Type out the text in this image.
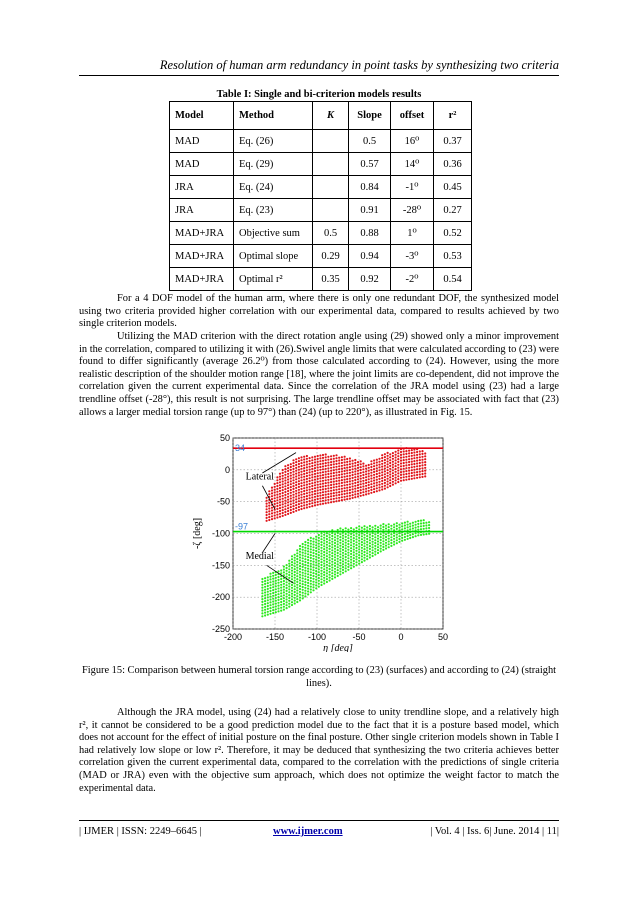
Resolution of human arm redundancy in point tasks by synthesizing two criteria
Table I: Single and bi-criterion models results
Model	Method	K	Slope	offset	r²
MAD	Eq. (26)		0.5	16⁰	0.37
MAD	Eq. (29)		0.57	14⁰	0.36
JRA	Eq. (24)		0.84	-1⁰	0.45
JRA	Eq. (23)		0.91	-28⁰	0.27
MAD+JRA	Objective sum	0.5	0.88	1⁰	0.52
MAD+JRA	Optimal slope	0.29	0.94	-3⁰	0.53
MAD+JRA	Optimal r²	0.35	0.92	-2⁰	0.54
For a 4 DOF model of the human arm, where there is only one redundant DOF, the synthesized model using two criteria provided higher correlation with our experimental data, compared to results achieved by two single criterion models.
Utilizing the MAD criterion with the direct rotation angle using (29) showed only a minor improvement in the correlation, compared to utilizing it with (26).Swivel angle limits that were calculated according to (23) were found to differ significantly (average 26.2⁰) from those calculated according to (24). However, using the more realistic description of the shoulder motion range [18], where the joint limits are co-dependent, did not improve the correlation given the current experimental data. Since the correlation of the JRA model using (23) had a large trendline offset (-28°), this result is not surprising. The large trendline offset may be associated with fact that (23) allows a larger medial torsion range (up to 97°) than (24) (up to 220°), as illustrated in Fig. 15.
-200	-150	-100	-50	0	50
50
0
-50
-100
-150
-200
-250
34
-97
Lateral
Medial
η [deg]
-ζ [deg]
Figure 15: Comparison between humeral torsion range according to (23) (surfaces) and according to (24) (straight lines).
Although the JRA model, using (24) had a relatively close to unity trendline slope, and a relatively high r², it cannot be considered to be a good prediction model due to the fact that it is a posture based model, which does not account for the effect of initial posture on the final posture. Other single criterion models shown in Table I had relatively low slope or low r². Therefore, it may be deduced that synthesizing the two criteria achieves better correlation given the current experimental data, compared to the correlation with the predictions of single criteria (MAD or JRA) even with the objective sum approach, which does not optimize the weight factor to match the experimental data.
| IJMER | ISSN: 2249–6645 |	www.ijmer.com	| Vol. 4 | Iss. 6| June. 2014 | 11|
